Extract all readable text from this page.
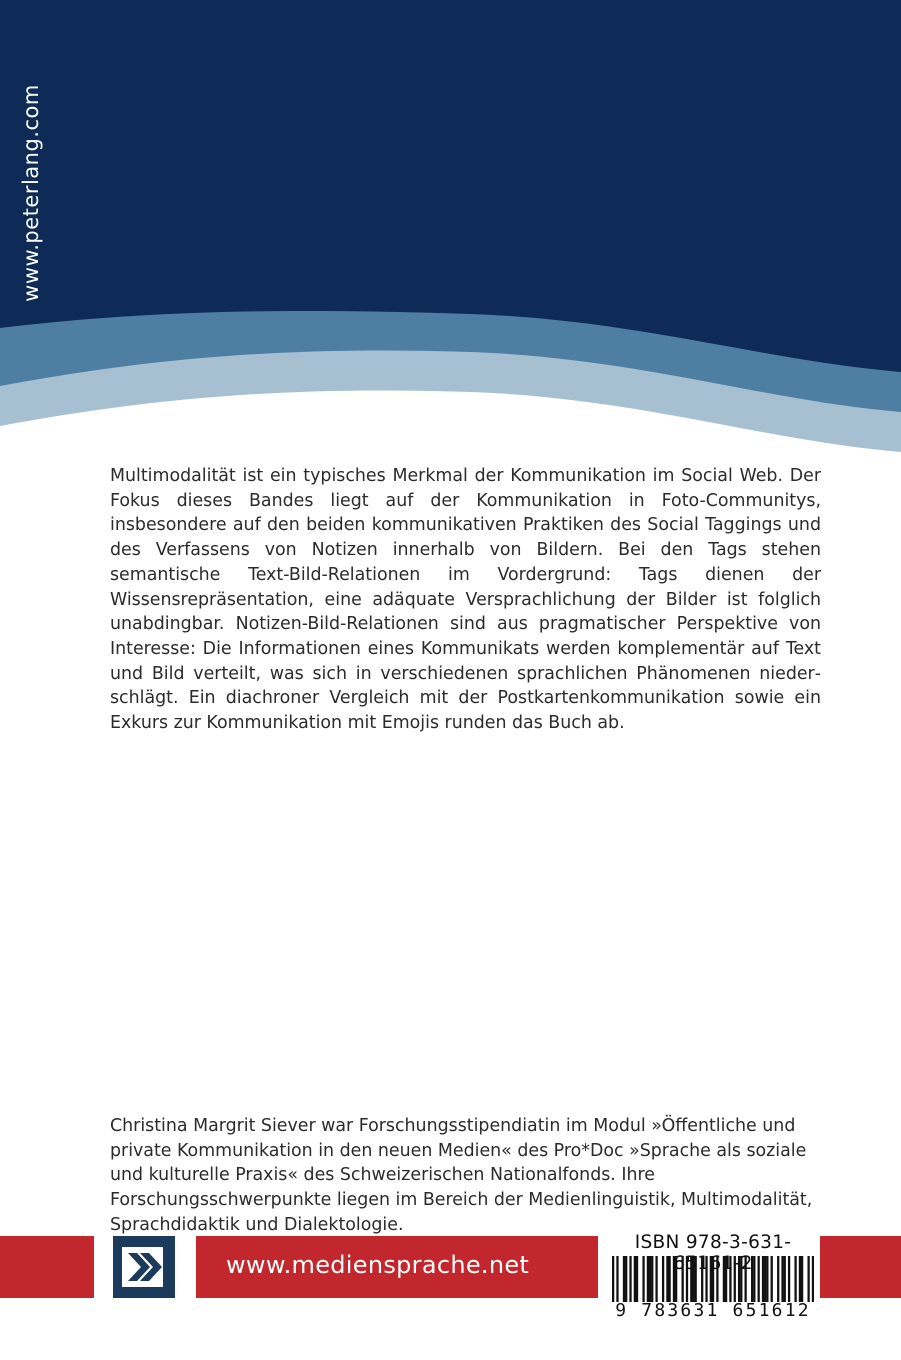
www.peterlang.com

Multimodalität ist ein typisches Merkmal der Kommunikation im Social Web. Der Fokus dieses Bandes liegt auf der Kommunikation in Foto-Communitys, insbesondere auf den beiden kommunikativen Praktiken des Social Taggings und des Verfassens von Notizen innerhalb von Bildern. Bei den Tags stehen semantische Text-Bild-Relationen im Vordergrund: Tags dienen der Wissensrepräsentation, eine adäquate Versprachlichung der Bilder ist folglich unabdingbar. Notizen-Bild-Relationen sind aus pragmatischer Perspektive von Interesse: Die Informationen eines Kommunikats werden komplementär auf Text und Bild verteilt, was sich in verschiedenen sprachlichen Phänomenen niederschlägt. Ein diachroner Vergleich mit der Postkartenkommunikation sowie ein Exkurs zur Kommunikation mit Emojis runden das Buch ab.

Christina Margrit Siever war Forschungsstipendiatin im Modul »Öffentliche und private Kommunikation in den neuen Medien« des Pro*Doc »Sprache als soziale und kulturelle Praxis« des Schweizerischen Nationalfonds. Ihre Forschungsschwerpunkte liegen im Bereich der Medienlinguistik, Multimodalität, Sprachdidaktik und Dialektologie.

www.mediensprache.net
ISBN 978-3-631-65161-2
9 783631 651612
